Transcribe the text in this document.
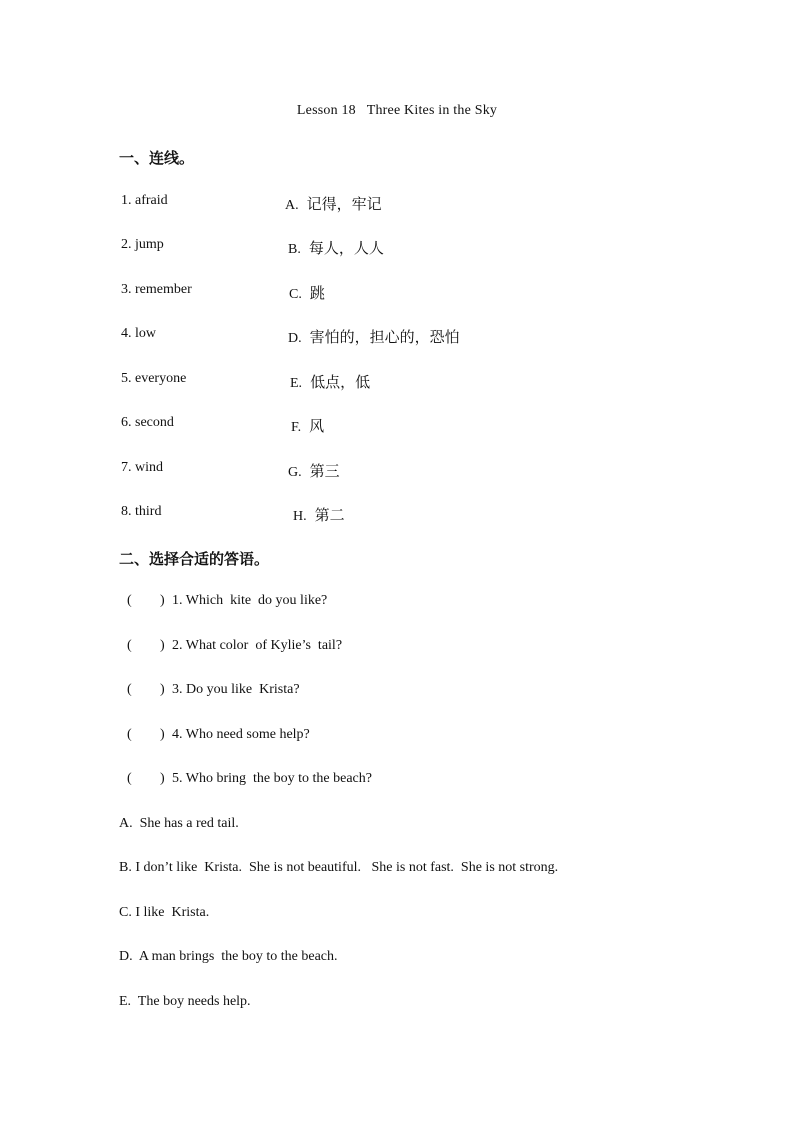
Lesson 18   Three Kites in the Sky
一、连线。
1. afraid	A. 记得，牢记
2. jump	B. 每人，人人
3. remember	C. 跳
4. low	D. 害怕的，担心的，恐怕
5. everyone	E. 低点，低
6. second	F. 风
7. wind	G. 第三
8. third	H. 第二
二、选择合适的答语。
( ) 1. Which  kite  do you like?
( ) 2. What color  of Kylie’s  tail?
( ) 3. Do you like  Krista?
( ) 4. Who need some help?
( ) 5. Who bring  the boy to the beach?
A.  She has a red tail.
B. I don’t like  Krista.  She is not beautiful.   She is not fast.  She is not strong.
C. I like  Krista.
D.  A man brings  the boy to the beach.
E.  The boy needs help.
